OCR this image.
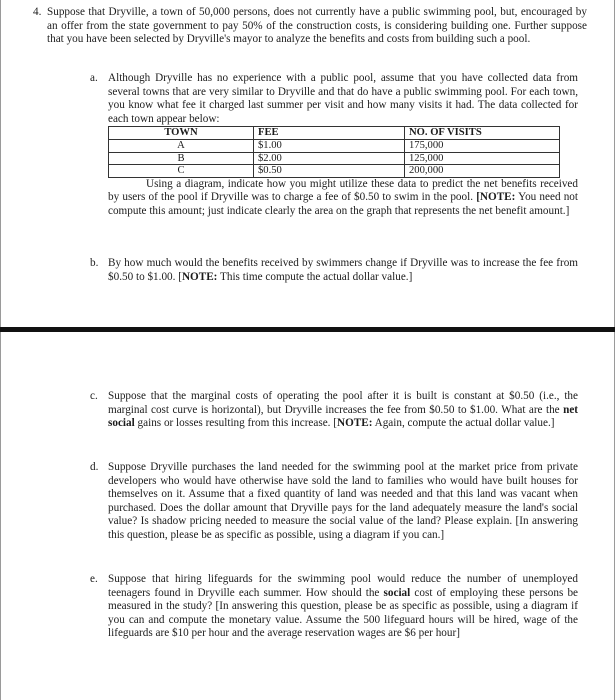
4. Suppose that Dryville, a town of 50,000 persons, does not currently have a public swimming pool, but, encouraged by an offer from the state government to pay 50% of the construction costs, is considering building one. Further suppose that you have been selected by Dryville's mayor to analyze the benefits and costs from building such a pool.

a. Although Dryville has no experience with a public pool, assume that you have collected data from several towns that are very similar to Dryville and that do have a public swimming pool. For each town, you know what fee it charged last summer per visit and how many visits it had. The data collected for each town appear below:

TOWN	FEE	NO. OF VISITS
A	$1.00	175,000
B	$2.00	125,000
C	$0.50	200,000

Using a diagram, indicate how you might utilize these data to predict the net benefits received by users of the pool if Dryville was to charge a fee of $0.50 to swim in the pool. [NOTE: You need not compute this amount; just indicate clearly the area on the graph that represents the net benefit amount.]

b. By how much would the benefits received by swimmers change if Dryville was to increase the fee from $0.50 to $1.00. [NOTE: This time compute the actual dollar value.]

c. Suppose that the marginal costs of operating the pool after it is built is constant at $0.50 (i.e., the marginal cost curve is horizontal), but Dryville increases the fee from $0.50 to $1.00. What are the net social gains or losses resulting from this increase. [NOTE: Again, compute the actual dollar value.]

d. Suppose Dryville purchases the land needed for the swimming pool at the market price from private developers who would have otherwise have sold the land to families who would have built houses for themselves on it. Assume that a fixed quantity of land was needed and that this land was vacant when purchased. Does the dollar amount that Dryville pays for the land adequately measure the land's social value? Is shadow pricing needed to measure the social value of the land? Please explain. [In answering this question, please be as specific as possible, using a diagram if you can.]

e. Suppose that hiring lifeguards for the swimming pool would reduce the number of unemployed teenagers found in Dryville each summer. How should the social cost of employing these persons be measured in the study? [In answering this question, please be as specific as possible, using a diagram if you can and compute the monetary value. Assume the 500 lifeguard hours will be hired, wage of the lifeguards are $10 per hour and the average reservation wages are $6 per hour]
